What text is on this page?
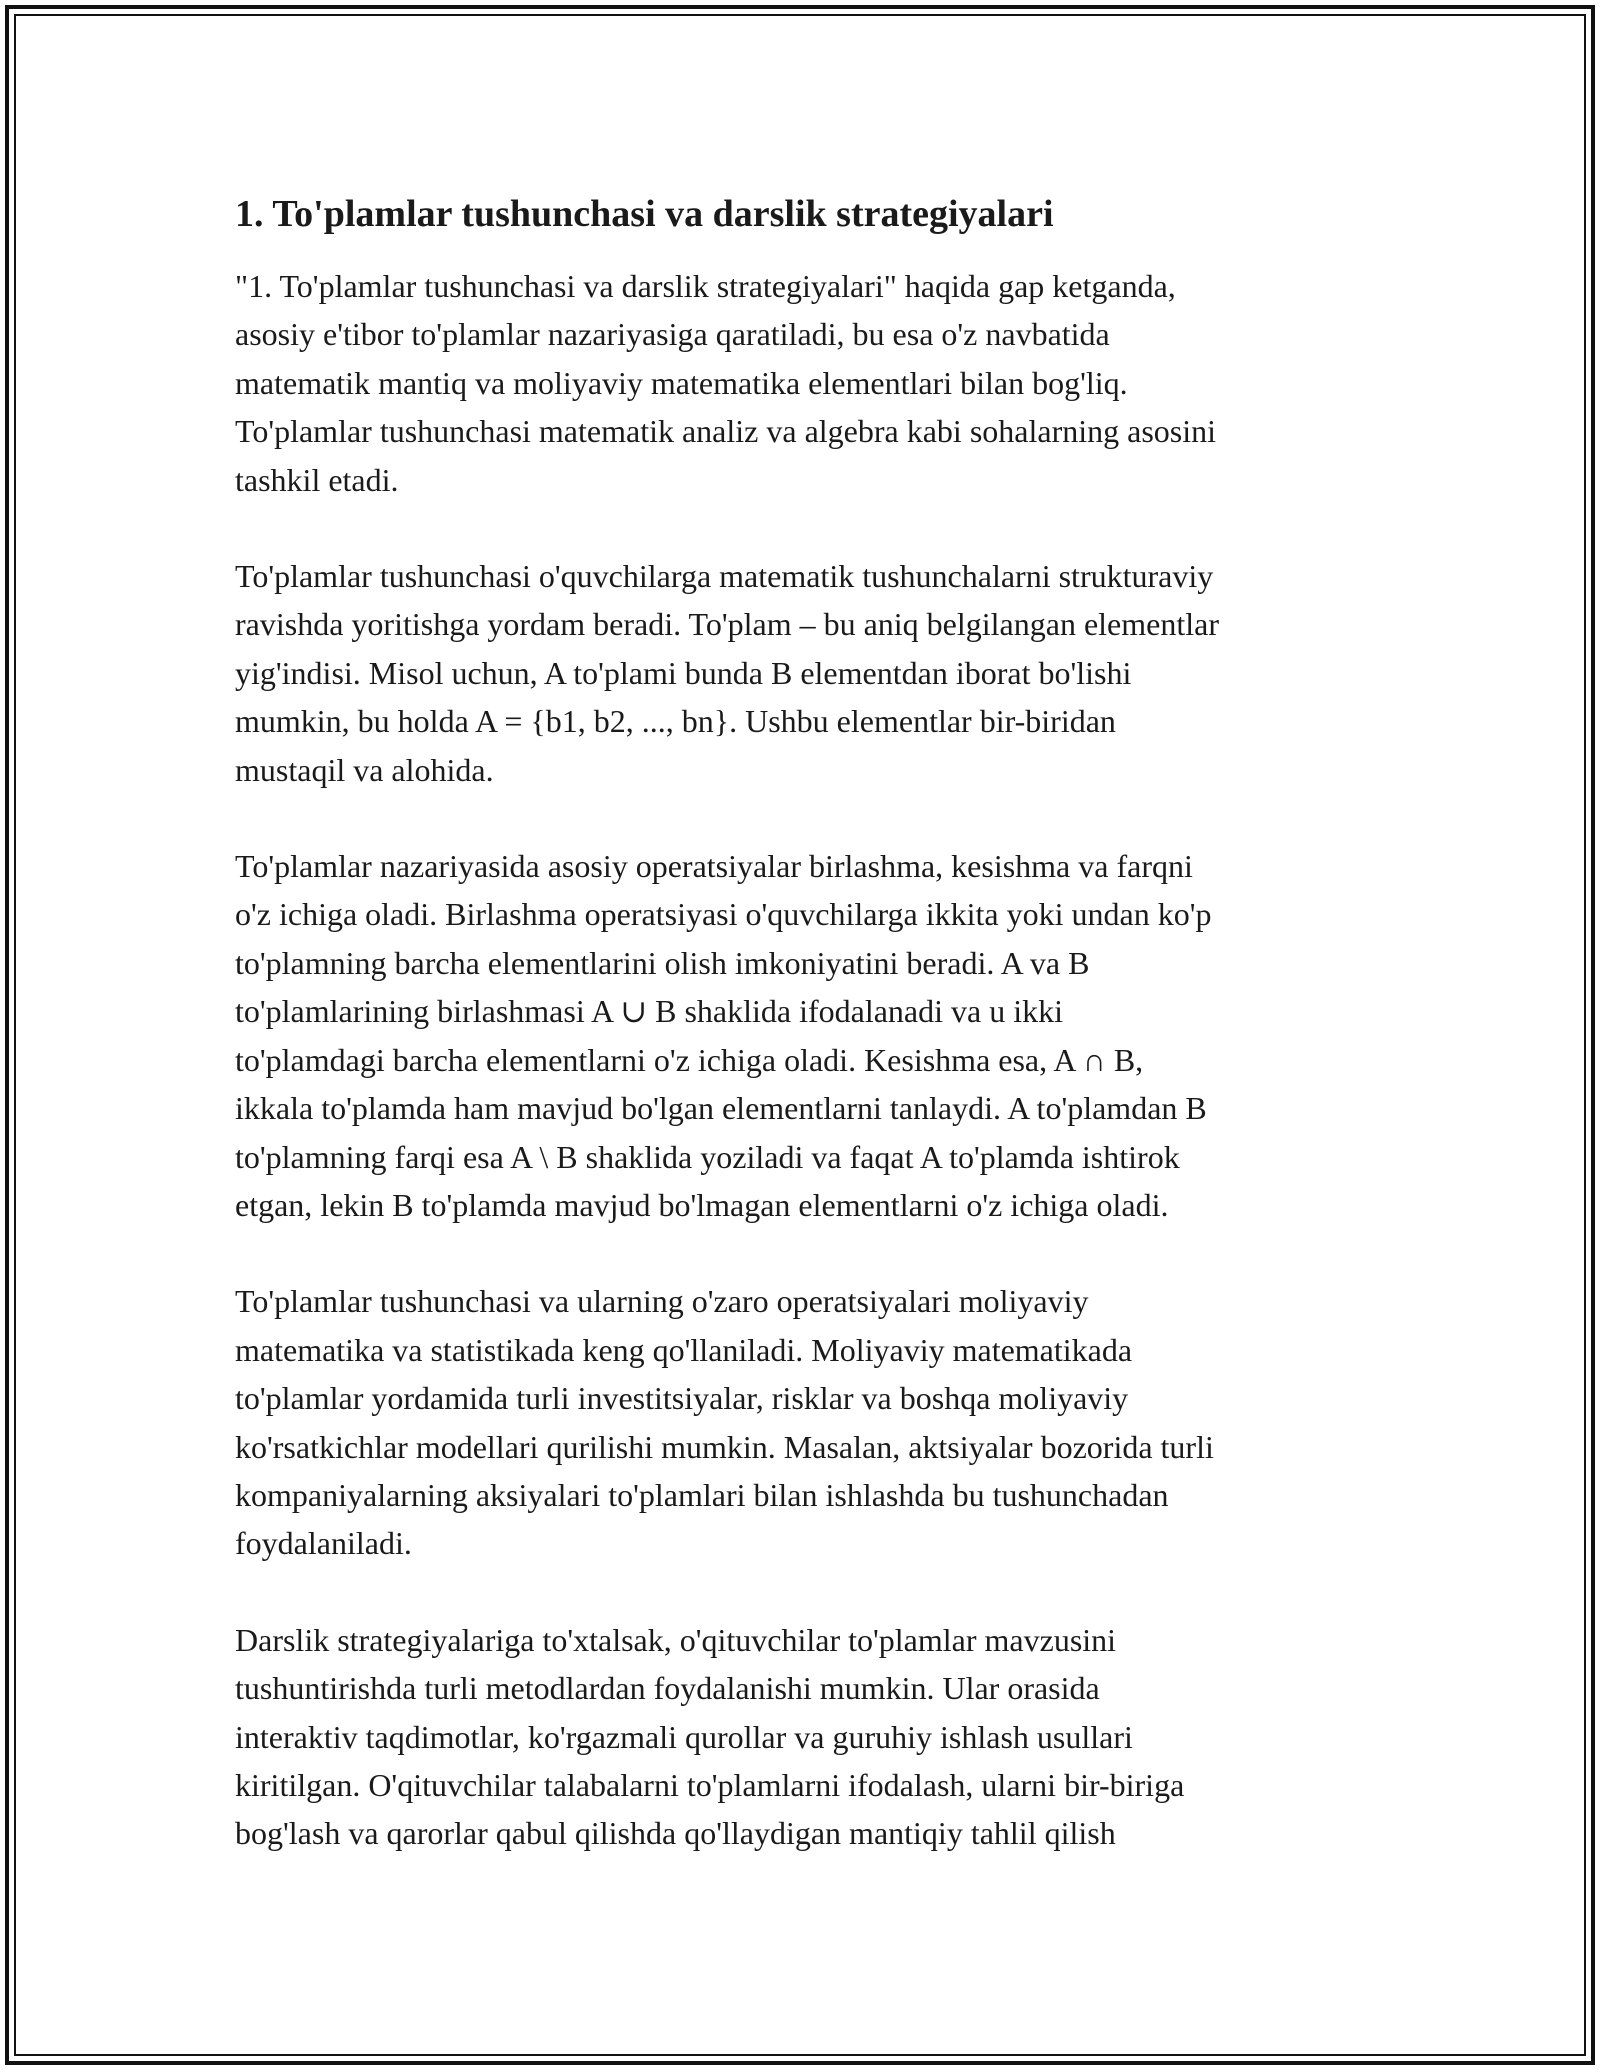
1. To'plamlar tushunchasi va darslik strategiyalari
"1. To'plamlar tushunchasi va darslik strategiyalari" haqida gap ketganda,
asosiy e'tibor to'plamlar nazariyasiga qaratiladi, bu esa o'z navbatida
matematik mantiq va moliyaviy matematika elementlari bilan bog'liq.
To'plamlar tushunchasi matematik analiz va algebra kabi sohalarning asosini
tashkil etadi.
To'plamlar tushunchasi o'quvchilarga matematik tushunchalarni strukturaviy
ravishda yoritishga yordam beradi. To'plam – bu aniq belgilangan elementlar
yig'indisi. Misol uchun, A to'plami bunda B elementdan iborat bo'lishi
mumkin, bu holda A = {b1, b2, ..., bn}. Ushbu elementlar bir-biridan
mustaqil va alohida.
To'plamlar nazariyasida asosiy operatsiyalar birlashma, kesishma va farqni
o'z ichiga oladi. Birlashma operatsiyasi o'quvchilarga ikkita yoki undan ko'p
to'plamning barcha elementlarini olish imkoniyatini beradi. A va B
to'plamlarining birlashmasi A ∪ B shaklida ifodalanadi va u ikki
to'plamdagi barcha elementlarni o'z ichiga oladi. Kesishma esa, A ∩ B,
ikkala to'plamda ham mavjud bo'lgan elementlarni tanlaydi. A to'plamdan B
to'plamning farqi esa A \ B shaklida yoziladi va faqat A to'plamda ishtirok
etgan, lekin B to'plamda mavjud bo'lmagan elementlarni o'z ichiga oladi.
To'plamlar tushunchasi va ularning o'zaro operatsiyalari moliyaviy
matematika va statistikada keng qo'llaniladi. Moliyaviy matematikada
to'plamlar yordamida turli investitsiyalar, risklar va boshqa moliyaviy
ko'rsatkichlar modellari qurilishi mumkin. Masalan, aktsiyalar bozorida turli
kompaniyalarning aksiyalari to'plamlari bilan ishlashda bu tushunchadan
foydalaniladi.
Darslik strategiyalariga to'xtalsak, o'qituvchilar to'plamlar mavzusini
tushuntirishda turli metodlardan foydalanishi mumkin. Ular orasida
interaktiv taqdimotlar, ko'rgazmali qurollar va guruhiy ishlash usullari
kiritilgan. O'qituvchilar talabalarni to'plamlarni ifodalash, ularni bir-biriga
bog'lash va qarorlar qabul qilishda qo'llaydigan mantiqiy tahlil qilish
